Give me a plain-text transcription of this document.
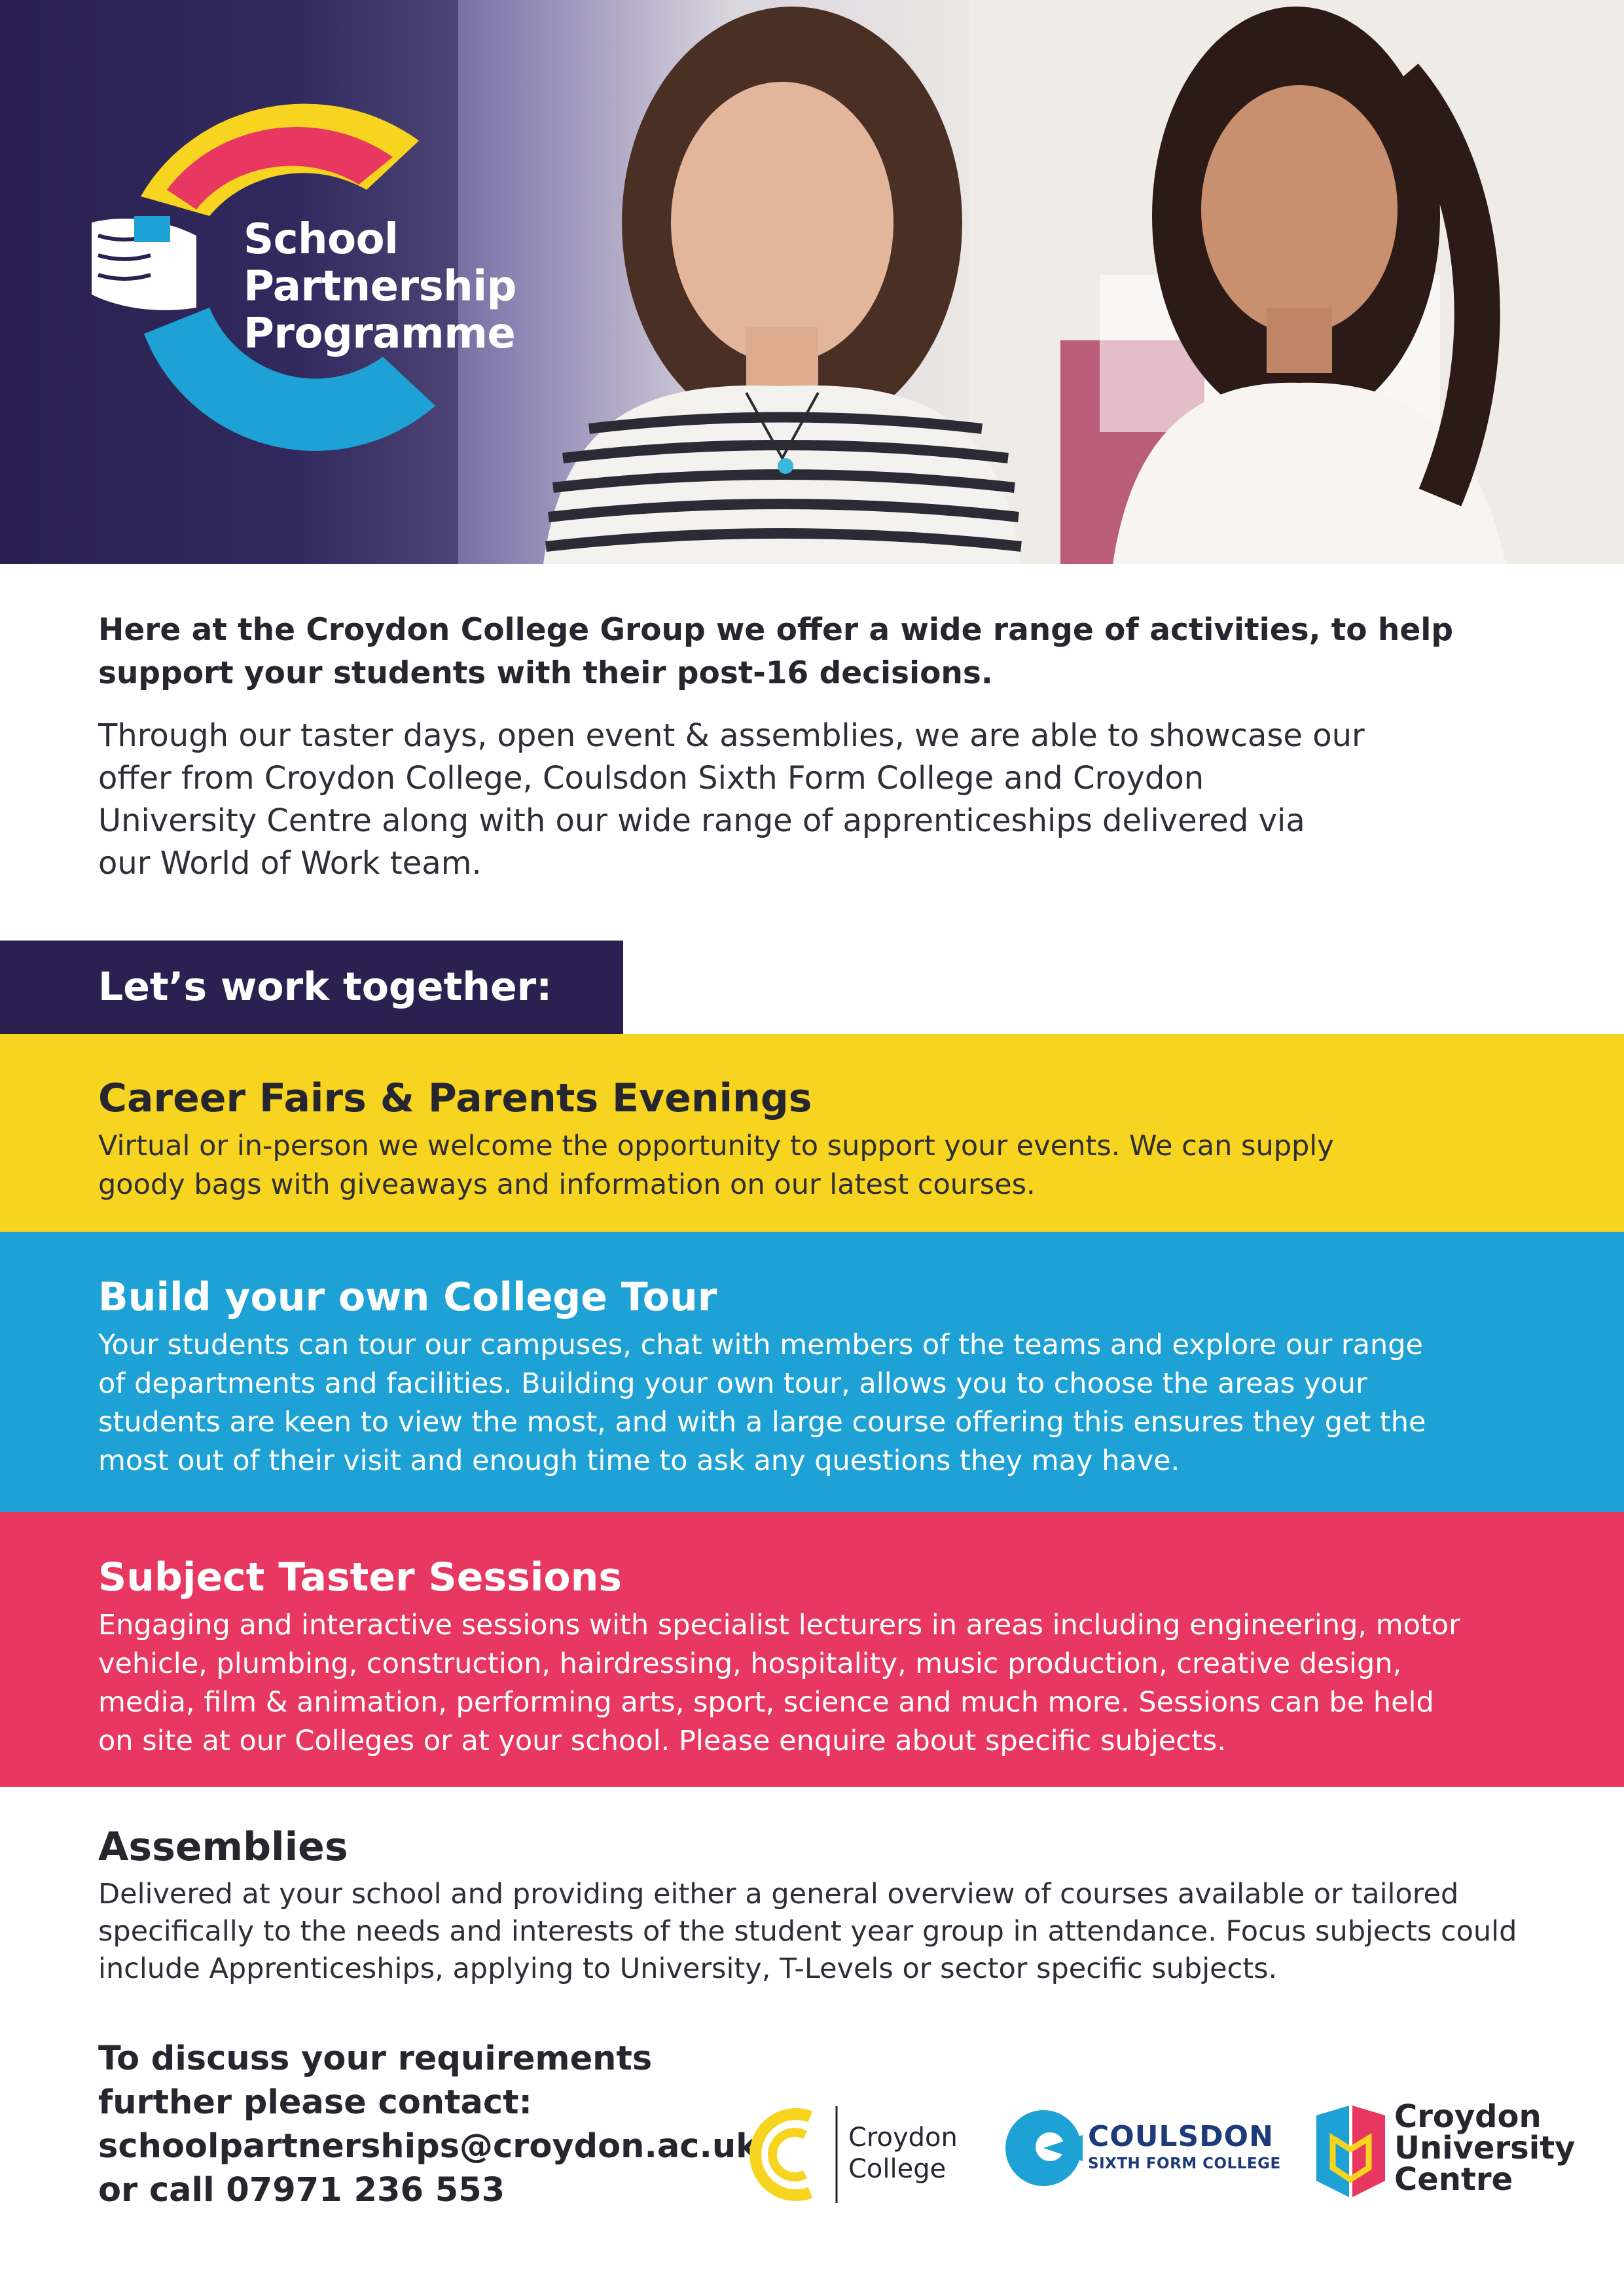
School
Partnership
Programme
Here at the Croydon College Group we offer a wide range of activities, to help
support your students with their post-16 decisions.
Through our taster days, open event & assemblies, we are able to showcase our
offer from Croydon College, Coulsdon Sixth Form College and Croydon
University Centre along with our wide range of apprenticeships delivered via
our World of Work team.
Let’s work together:
Career Fairs & Parents Evenings
Virtual or in-person we welcome the opportunity to support your events. We can supply
goody bags with giveaways and information on our latest courses.
Build your own College Tour
Your students can tour our campuses, chat with members of the teams and explore our range
of departments and facilities. Building your own tour, allows you to choose the areas your
students are keen to view the most, and with a large course offering this ensures they get the
most out of their visit and enough time to ask any questions they may have.
Subject Taster Sessions
Engaging and interactive sessions with specialist lecturers in areas including engineering, motor
vehicle, plumbing, construction, hairdressing, hospitality, music production, creative design,
media, film & animation, performing arts, sport, science and much more. Sessions can be held
on site at our Colleges or at your school. Please enquire about specific subjects.
Assemblies
Delivered at your school and providing either a general overview of courses available or tailored
specifically to the needs and interests of the student year group in attendance. Focus subjects could
include Apprenticeships, applying to University, T-Levels or sector specific subjects.
To discuss your requirements
further please contact:
schoolpartnerships@croydon.ac.uk
or call 07971 236 553
Croydon
College
COULSDON
SIXTH FORM COLLEGE
Croydon
University
Centre
